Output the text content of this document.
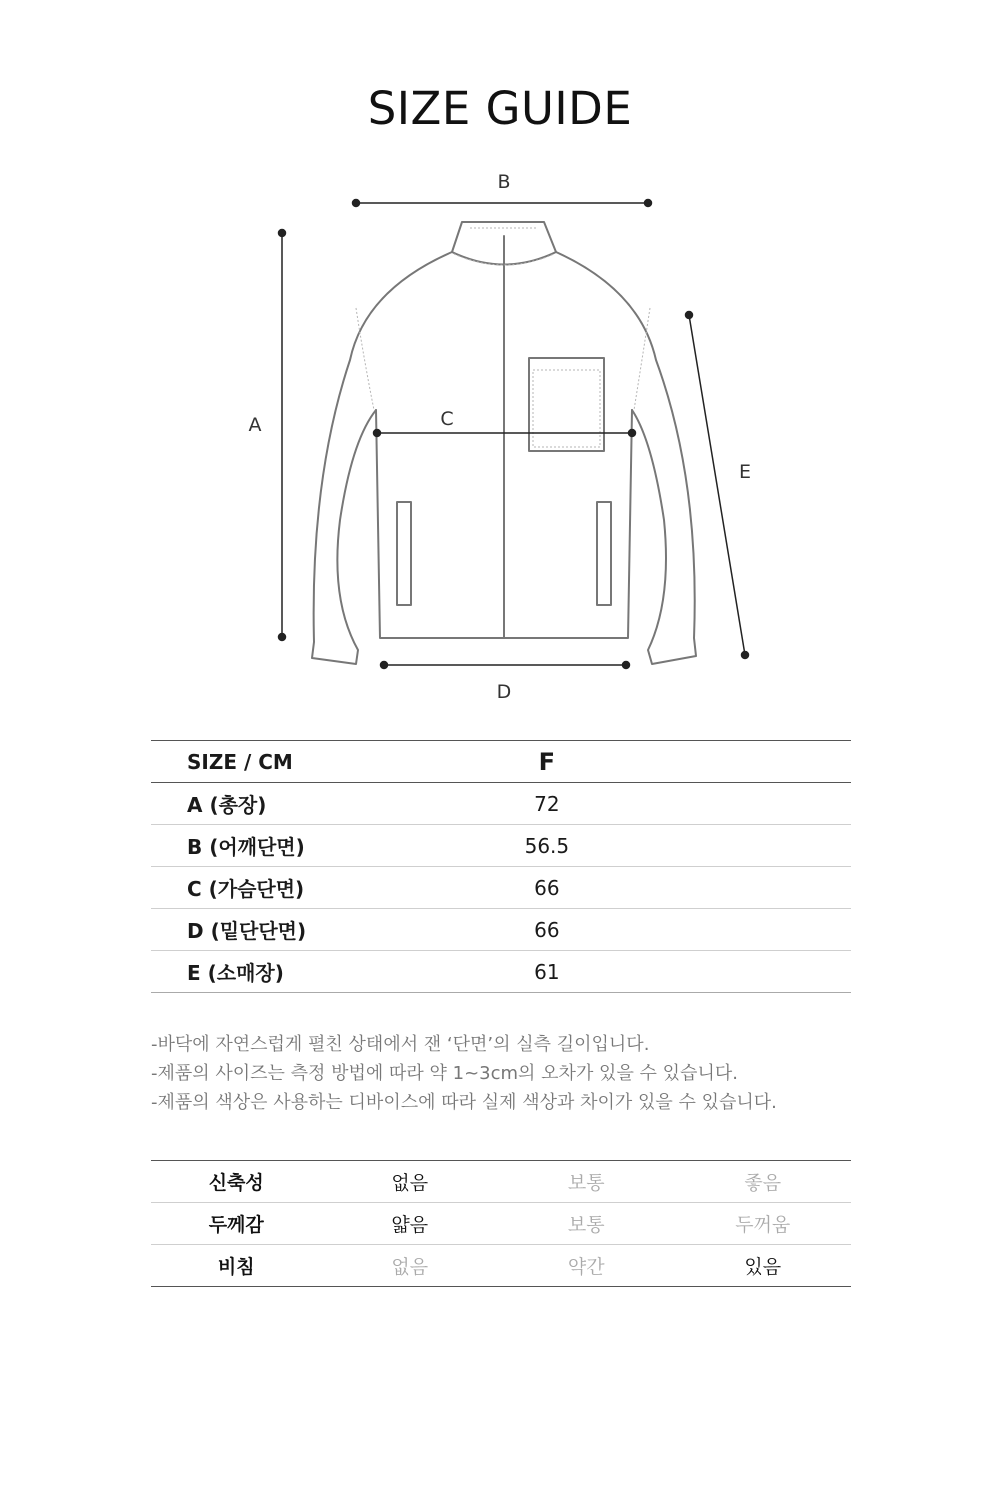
SIZE GUIDE
B
A	C
D
E
SIZE / CM	F	
A (총장)	72	
B (어깨단면)	56.5	
C (가슴단면)	66	
D (밑단단면)	66	
E (소매장)	61	
-바닥에 자연스럽게 펼친 상태에서 잰 ‘단면’의 실측 길이입니다.
-제품의 사이즈는 측정 방법에 따라 약 1~3cm의 오차가 있을 수 있습니다.
-제품의 색상은 사용하는 디바이스에 따라 실제 색상과 차이가 있을 수 있습니다.
신축성	없음	보통	좋음
두께감	얇음	보통	두꺼움
비침	없음	약간	있음
